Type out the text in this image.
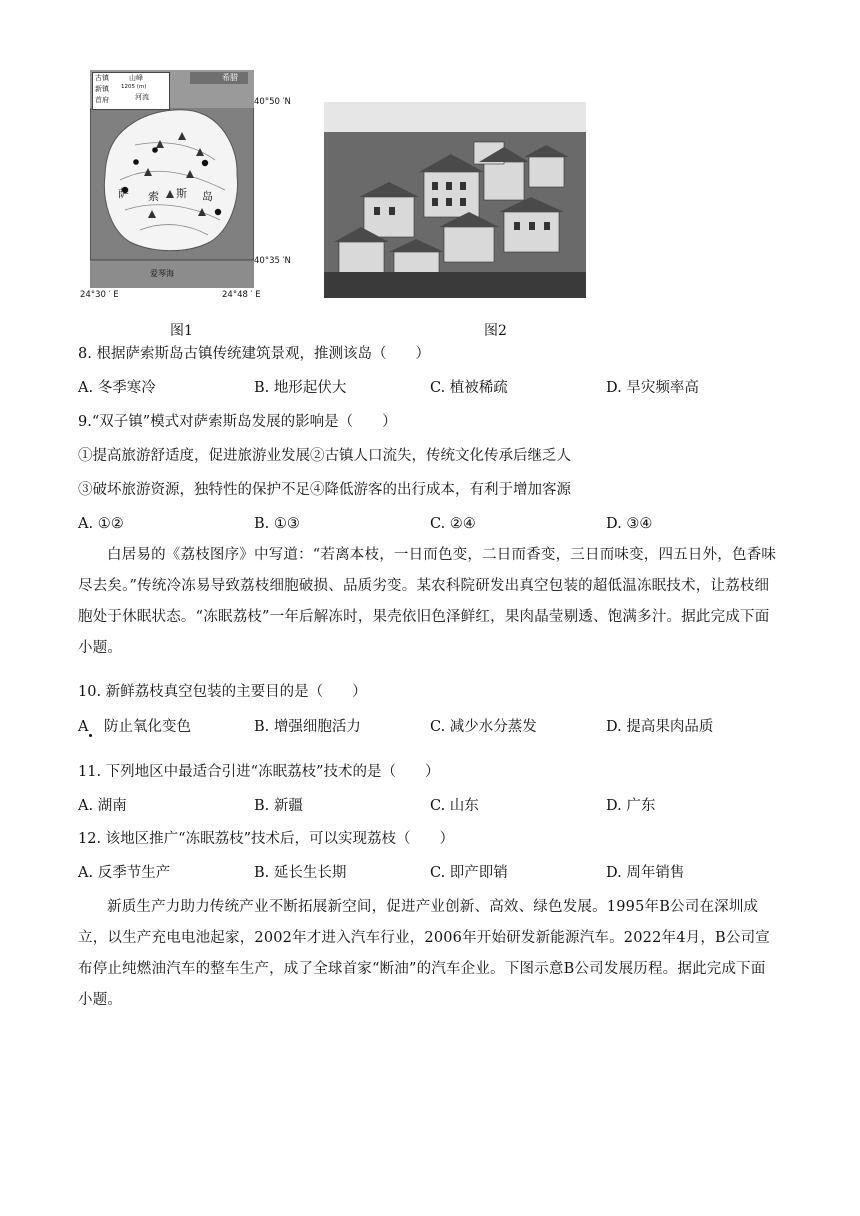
古镇	山峰
1205 (m)
新镇
河流
首府
希腊
萨 索 斯 岛
爱琴海
40°50 ′N
40°35 ′N
24°30 ′ E	24°48 ′ E
图1	图2
8. 根据萨索斯岛古镇传统建筑景观，推测该岛（　　）
A. 冬季寒冷	B. 地形起伏大	C. 植被稀疏	D. 旱灾频率高
9.“双子镇”模式对萨索斯岛发展的影响是（　　）
①提高旅游舒适度，促进旅游业发展②古镇人口流失，传统文化传承后继乏人
③破坏旅游资源，独特性的保护不足④降低游客的出行成本，有利于增加客源
A. ①②	B. ①③	C. ②④	D. ③④
白居易的《荔枝图序》中写道：“若离本枝，一日而色变，二日而香变，三日而味变，四五日外，色香味尽去矣。”传统冷冻易导致荔枝细胞破损、品质劣变。某农科院研发出真空包装的超低温冻眠技术，让荔枝细胞处于休眠状态。“冻眠荔枝”一年后解冻时，果壳依旧色泽鲜红，果肉晶莹剔透、饱满多汁。据此完成下面小题。
10. 新鲜荔枝真空包装的主要目的是（　　）
A 防止氧化变色	B. 增强细胞活力	C. 减少水分蒸发	D. 提高果肉品质
11. 下列地区中最适合引进“冻眠荔枝”技术的是（　　）
A. 湖南	B. 新疆	C. 山东	D. 广东
12. 该地区推广“冻眠荔枝”技术后，可以实现荔枝（　　）
A. 反季节生产	B. 延长生长期	C. 即产即销	D. 周年销售
新质生产力助力传统产业不断拓展新空间，促进产业创新、高效、绿色发展。1995年B公司在深圳成立，以生产充电电池起家，2002年才进入汽车行业，2006年开始研发新能源汽车。2022年4月，B公司宣布停止纯燃油汽车的整车生产，成了全球首家“断油”的汽车企业。下图示意B公司发展历程。据此完成下面小题。
